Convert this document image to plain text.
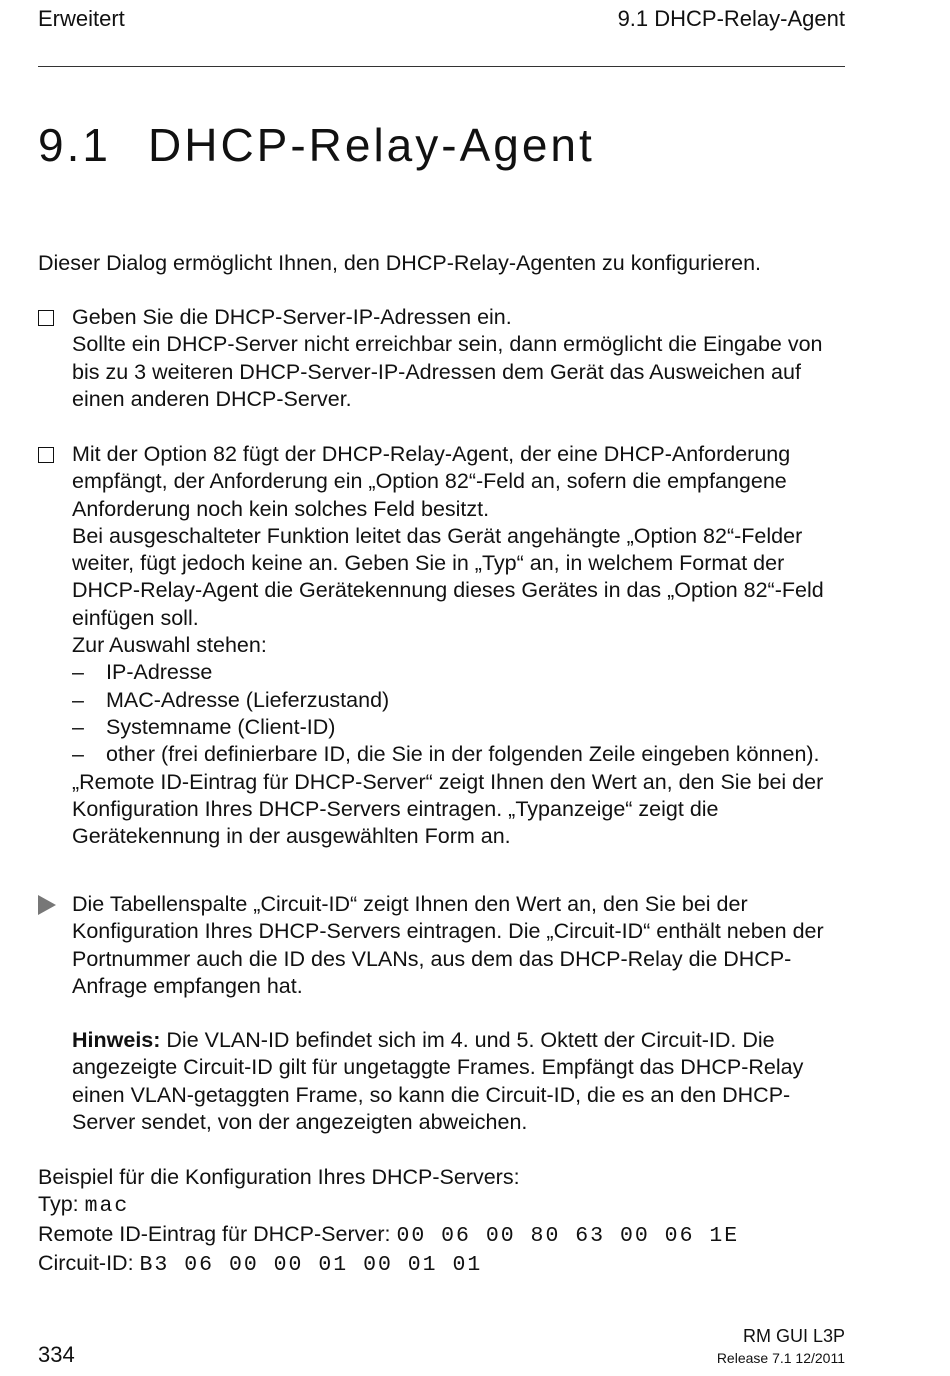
Erweitert	9.1 DHCP-Relay-Agent
9.1 DHCP-Relay-Agent

Dieser Dialog ermöglicht Ihnen, den DHCP-Relay-Agenten zu konfigurieren.

Geben Sie die DHCP-Server-IP-Adressen ein.

Sollte ein DHCP-Server nicht erreichbar sein, dann ermöglicht die Eingabe von bis zu 3 weiteren DHCP-Server-IP-Adressen dem Gerät das Ausweichen auf einen anderen DHCP-Server.

Mit der Option 82 fügt der DHCP-Relay-Agent, der eine DHCP-Anforderung empfängt, der Anforderung ein „Option 82“-Feld an, sofern die empfangene Anforderung noch kein solches Feld besitzt.

Bei ausgeschalteter Funktion leitet das Gerät angehängte „Option 82“-Felder weiter, fügt jedoch keine an. Geben Sie in „Typ“ an, in welchem Format der DHCP-Relay-Agent die Gerätekennung dieses Gerätes in das „Option 82“-Feld einfügen soll.

Zur Auswahl stehen:

– IP-Adresse
– MAC-Adresse (Lieferzustand)
– Systemname (Client-ID)
– other (frei definierbare ID, die Sie in der folgenden Zeile eingeben können).

„Remote ID-Eintrag für DHCP-Server“ zeigt Ihnen den Wert an, den Sie bei der Konfiguration Ihres DHCP-Servers eintragen. „Typanzeige“ zeigt die Gerätekennung in der ausgewählten Form an.

Die Tabellenspalte „Circuit-ID“ zeigt Ihnen den Wert an, den Sie bei der Konfiguration Ihres DHCP-Servers eintragen. Die „Circuit-ID“ enthält neben der Portnummer auch die ID des VLANs, aus dem das DHCP-Relay die DHCP-Anfrage empfangen hat.

Hinweis: Die VLAN-ID befindet sich im 4. und 5. Oktett der Circuit-ID. Die angezeigte Circuit-ID gilt für ungetaggte Frames. Empfängt das DHCP-Relay einen VLAN-getaggten Frame, so kann die Circuit-ID, die es an den DHCP-Server sendet, von der angezeigten abweichen.

Beispiel für die Konfiguration Ihres DHCP-Servers:

Typ: mac

Remote ID-Eintrag für DHCP-Server: 00 06 00 80 63 00 06 1E

Circuit-ID: B3 06 00 00 01 00 01 01

334
RM GUI L3P
Release 7.1 12/2011
